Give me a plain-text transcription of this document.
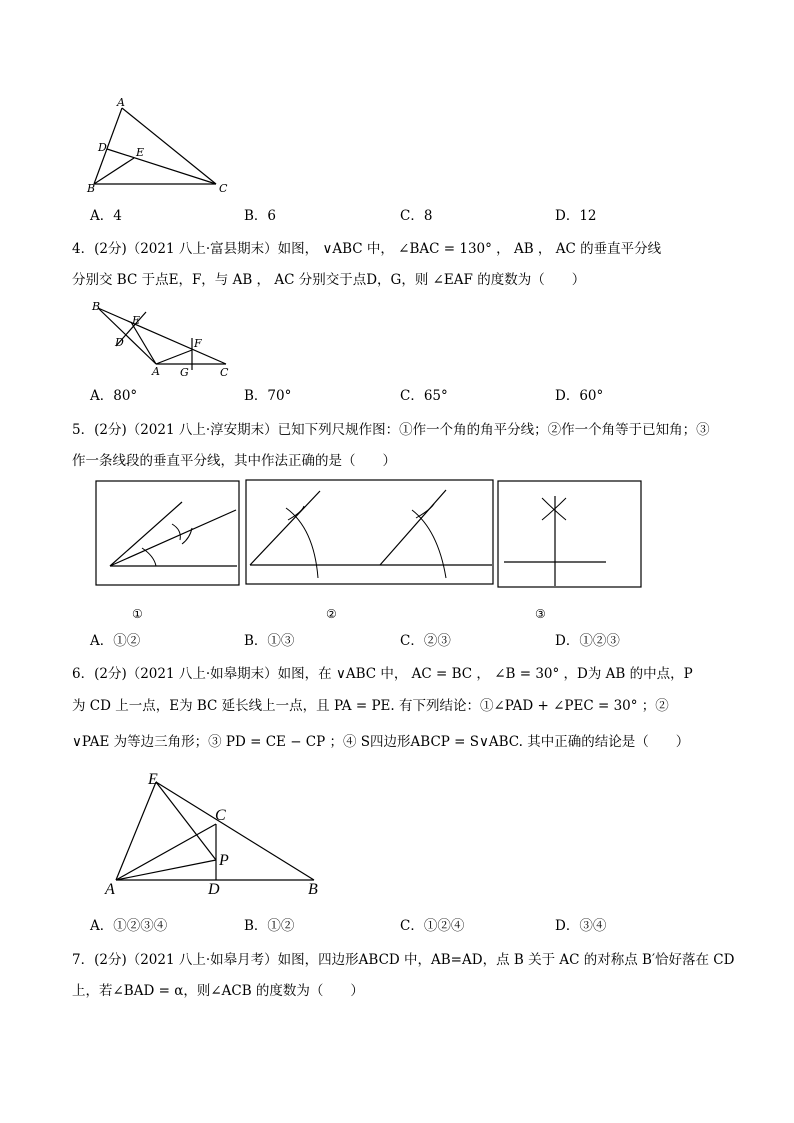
A
D	E
B	C
A．4	B．6	C．8	D．12
4．(2分)（2021 八上·富县期末）如图， ∨ABC 中， ∠BAC = 130° ， AB ， AC 的垂直平分线
分别交 BC 于点E，F，与 AB ， AC 分别交于点D，G，则 ∠EAF 的度数为（　　）
B
E
D	F
A G	C
A．80°	B．70°	C．65°	D．60°
5．(2分)（2021 八上·淳安期末）已知下列尺规作图：①作一个角的角平分线；②作一个角等于已知角；③
作一条线段的垂直平分线，其中作法正确的是（　　）
①	②	③
A．①②	B．①③	C．②③	D．①②③
6．(2分)（2021 八上·如皋期末）如图，在 ∨ABC 中， AC = BC ， ∠B = 30° ，D为 AB 的中点，P
为 CD 上一点，E为 BC 延长线上一点，且 PA = PE. 有下列结论：①∠PAD + ∠PEC = 30° ；②
∨PAE 为等边三角形；③ PD = CE − CP ；④ S四边形ABCP = S∨ABC. 其中正确的结论是（　　）
E
C
P
A	D	B
A．①②③④	B．①②	C．①②④	D．③④
7．(2分)（2021 八上·如皋月考）如图，四边形ABCD 中，AB=AD，点 B 关于 AC 的对称点 B′恰好落在 CD
上，若∠BAD = α，则∠ACB 的度数为（　　）
